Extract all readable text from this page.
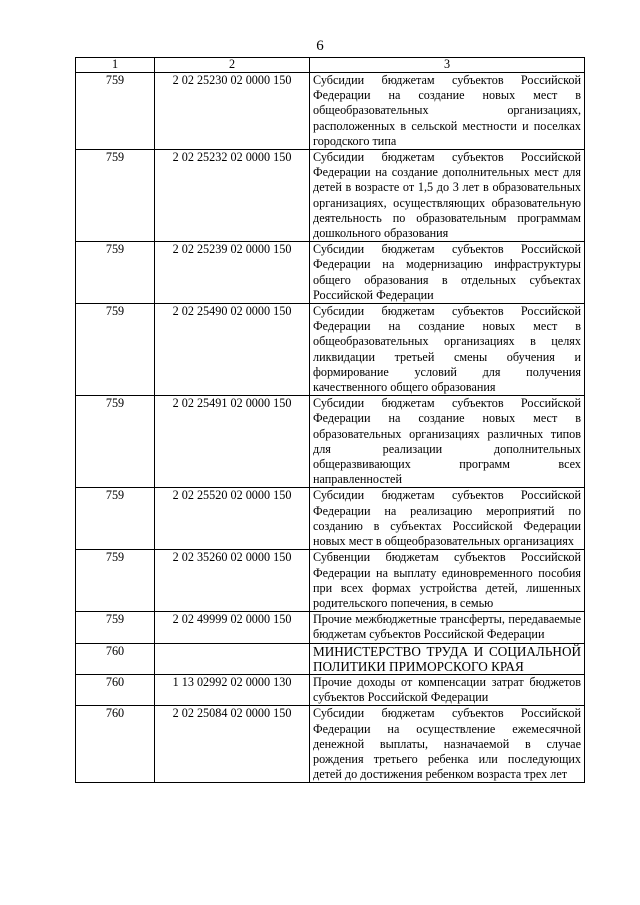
6
1	2	3
759	2 02 25230 02 0000 150	Субсидии бюджетам субъектов Российской Федерации на создание новых мест в общеобразовательных организациях, расположенных в сельской местности и поселках городского типа
759	2 02 25232 02 0000 150	Субсидии бюджетам субъектов Российской Федерации на создание дополнительных мест для детей в возрасте от 1,5 до 3 лет в образовательных организациях, осуществляющих образовательную деятельность по образовательным программам дошкольного образования
759	2 02 25239 02 0000 150	Субсидии бюджетам субъектов Российской Федерации на модернизацию инфраструктуры общего образования в отдельных субъектах Российской Федерации
759	2 02 25490 02 0000 150	Субсидии бюджетам субъектов Российской Федерации на создание новых мест в общеобразовательных организациях в целях ликвидации третьей смены обучения и формирование условий для получения качественного общего образования
759	2 02 25491 02 0000 150	Субсидии бюджетам субъектов Российской Федерации на создание новых мест в образовательных организациях различных типов для реализации дополнительных общеразвивающих программ всех направленностей
759	2 02 25520 02 0000 150	Субсидии бюджетам субъектов Российской Федерации на реализацию мероприятий по созданию в субъектах Российской Федерации новых мест в общеобразовательных организациях
759	2 02 35260 02 0000 150	Субвенции бюджетам субъектов Российской Федерации на выплату единовременного пособия при всех формах устройства детей, лишенных родительского попечения, в семью
759	2 02 49999 02 0000 150	Прочие межбюджетные трансферты, передаваемые бюджетам субъектов Российской Федерации
760		МИНИСТЕРСТВО ТРУДА И СОЦИАЛЬНОЙ ПОЛИТИКИ ПРИМОРСКОГО КРАЯ
760	1 13 02992 02 0000 130	Прочие доходы от компенсации затрат бюджетов субъектов Российской Федерации
760	2 02 25084 02 0000 150	Субсидии бюджетам субъектов Российской Федерации на осуществление ежемесячной денежной выплаты, назначаемой в случае рождения третьего ребенка или последующих детей до достижения ребенком возраста трех лет
